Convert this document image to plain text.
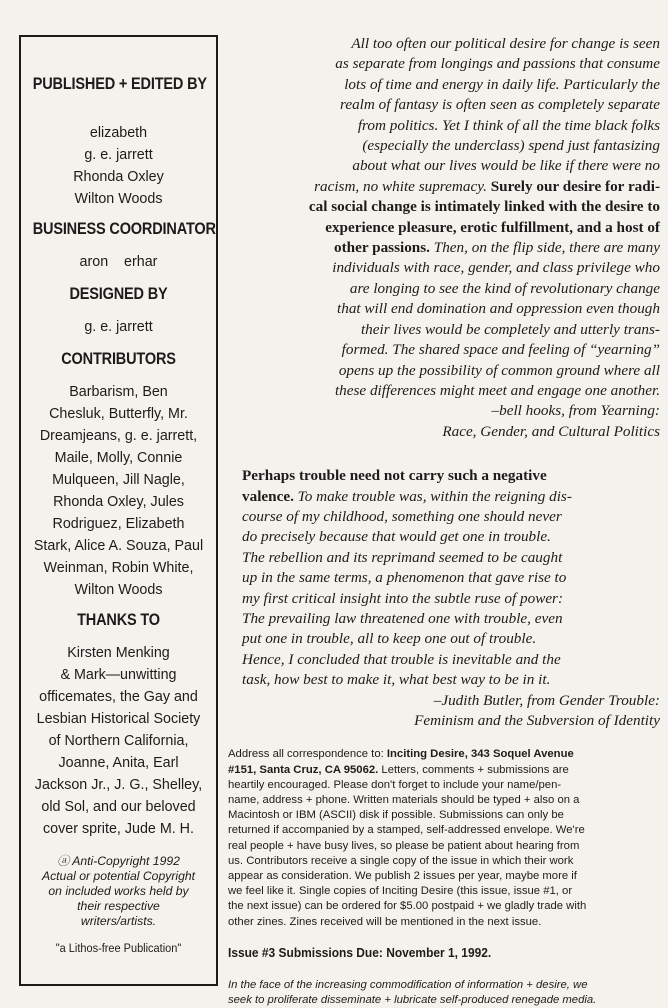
PUBLISHED + EDITED BY
elizabeth
g. e. jarrett
Rhonda Oxley
Wilton Woods
BUSINESS COORDINATOR
aron    erhar
DESIGNED BY
g. e. jarrett
CONTRIBUTORS
Barbarism, Ben
Chesluk, Butterfly, Mr.
Dreamjeans, g. e. jarrett,
Maile, Molly, Connie
Mulqueen, Jill Nagle,
Rhonda Oxley, Jules
Rodriguez, Elizabeth
Stark, Alice A. Souza, Paul
Weinman, Robin White,
Wilton Woods
THANKS TO
Kirsten Menking
& Mark—unwitting
officemates, the Gay and
Lesbian Historical Society
of Northern California,
Joanne, Anita, Earl
Jackson Jr., J. G., Shelley,
old Sol, and our beloved
cover sprite, Jude M. H.
ⓐ Anti-Copyright 1992
Actual or potential Copyright
on included works held by
their respective
writers/artists.
"a Lithos-free Publication"
All too often our political desire for change is seen
as separate from longings and passions that consume
lots of time and energy in daily life. Particularly the
realm of fantasy is often seen as completely separate
from politics. Yet I think of all the time black folks
(especially the underclass) spend just fantasizing
about what our lives would be like if there were no
racism, no white supremacy. Surely our desire for radi-
cal social change is intimately linked with the desire to
experience pleasure, erotic fulfillment, and a host of
other passions. Then, on the flip side, there are many
individuals with race, gender, and class privilege who
are longing to see the kind of revolutionary change
that will end domination and oppression even though
their lives would be completely and utterly trans-
formed. The shared space and feeling of “yearning”
opens up the possibility of common ground where all
these differences might meet and engage one another.
–bell hooks, from Yearning:
Race, Gender, and Cultural Politics
Perhaps trouble need not carry such a negative
valence. To make trouble was, within the reigning dis-
course of my childhood, something one should never
do precisely because that would get one in trouble.
The rebellion and its reprimand seemed to be caught
up in the same terms, a phenomenon that gave rise to
my first critical insight into the subtle ruse of power:
The prevailing law threatened one with trouble, even
put one in trouble, all to keep one out of trouble.
Hence, I concluded that trouble is inevitable and the
task, how best to make it, what best way to be in it.
–Judith Butler, from Gender Trouble:
Feminism and the Subversion of Identity
Address all correspondence to: Inciting Desire, 343 Soquel Avenue
#151, Santa Cruz, CA 95062. Letters, comments + submissions are
heartily encouraged. Please don't forget to include your name/pen-
name, address + phone. Written materials should be typed + also on a
Macintosh or IBM (ASCII) disk if possible. Submissions can only be
returned if accompanied by a stamped, self-addressed envelope. We're
real people + have busy lives, so please be patient about hearing from
us. Contributors receive a single copy of the issue in which their work
appear as consideration. We publish 2 issues per year, maybe more if
we feel like it. Single copies of Inciting Desire (this issue, issue #1, or
the next issue) can be ordered for $5.00 postpaid + we gladly trade with
other zines. Zines received will be mentioned in the next issue.
Issue #3 Submissions Due: November 1, 1992.
In the face of the increasing commodification of information + desire, we
seek to proliferate disseminate + lubricate self-produced renegade media.
